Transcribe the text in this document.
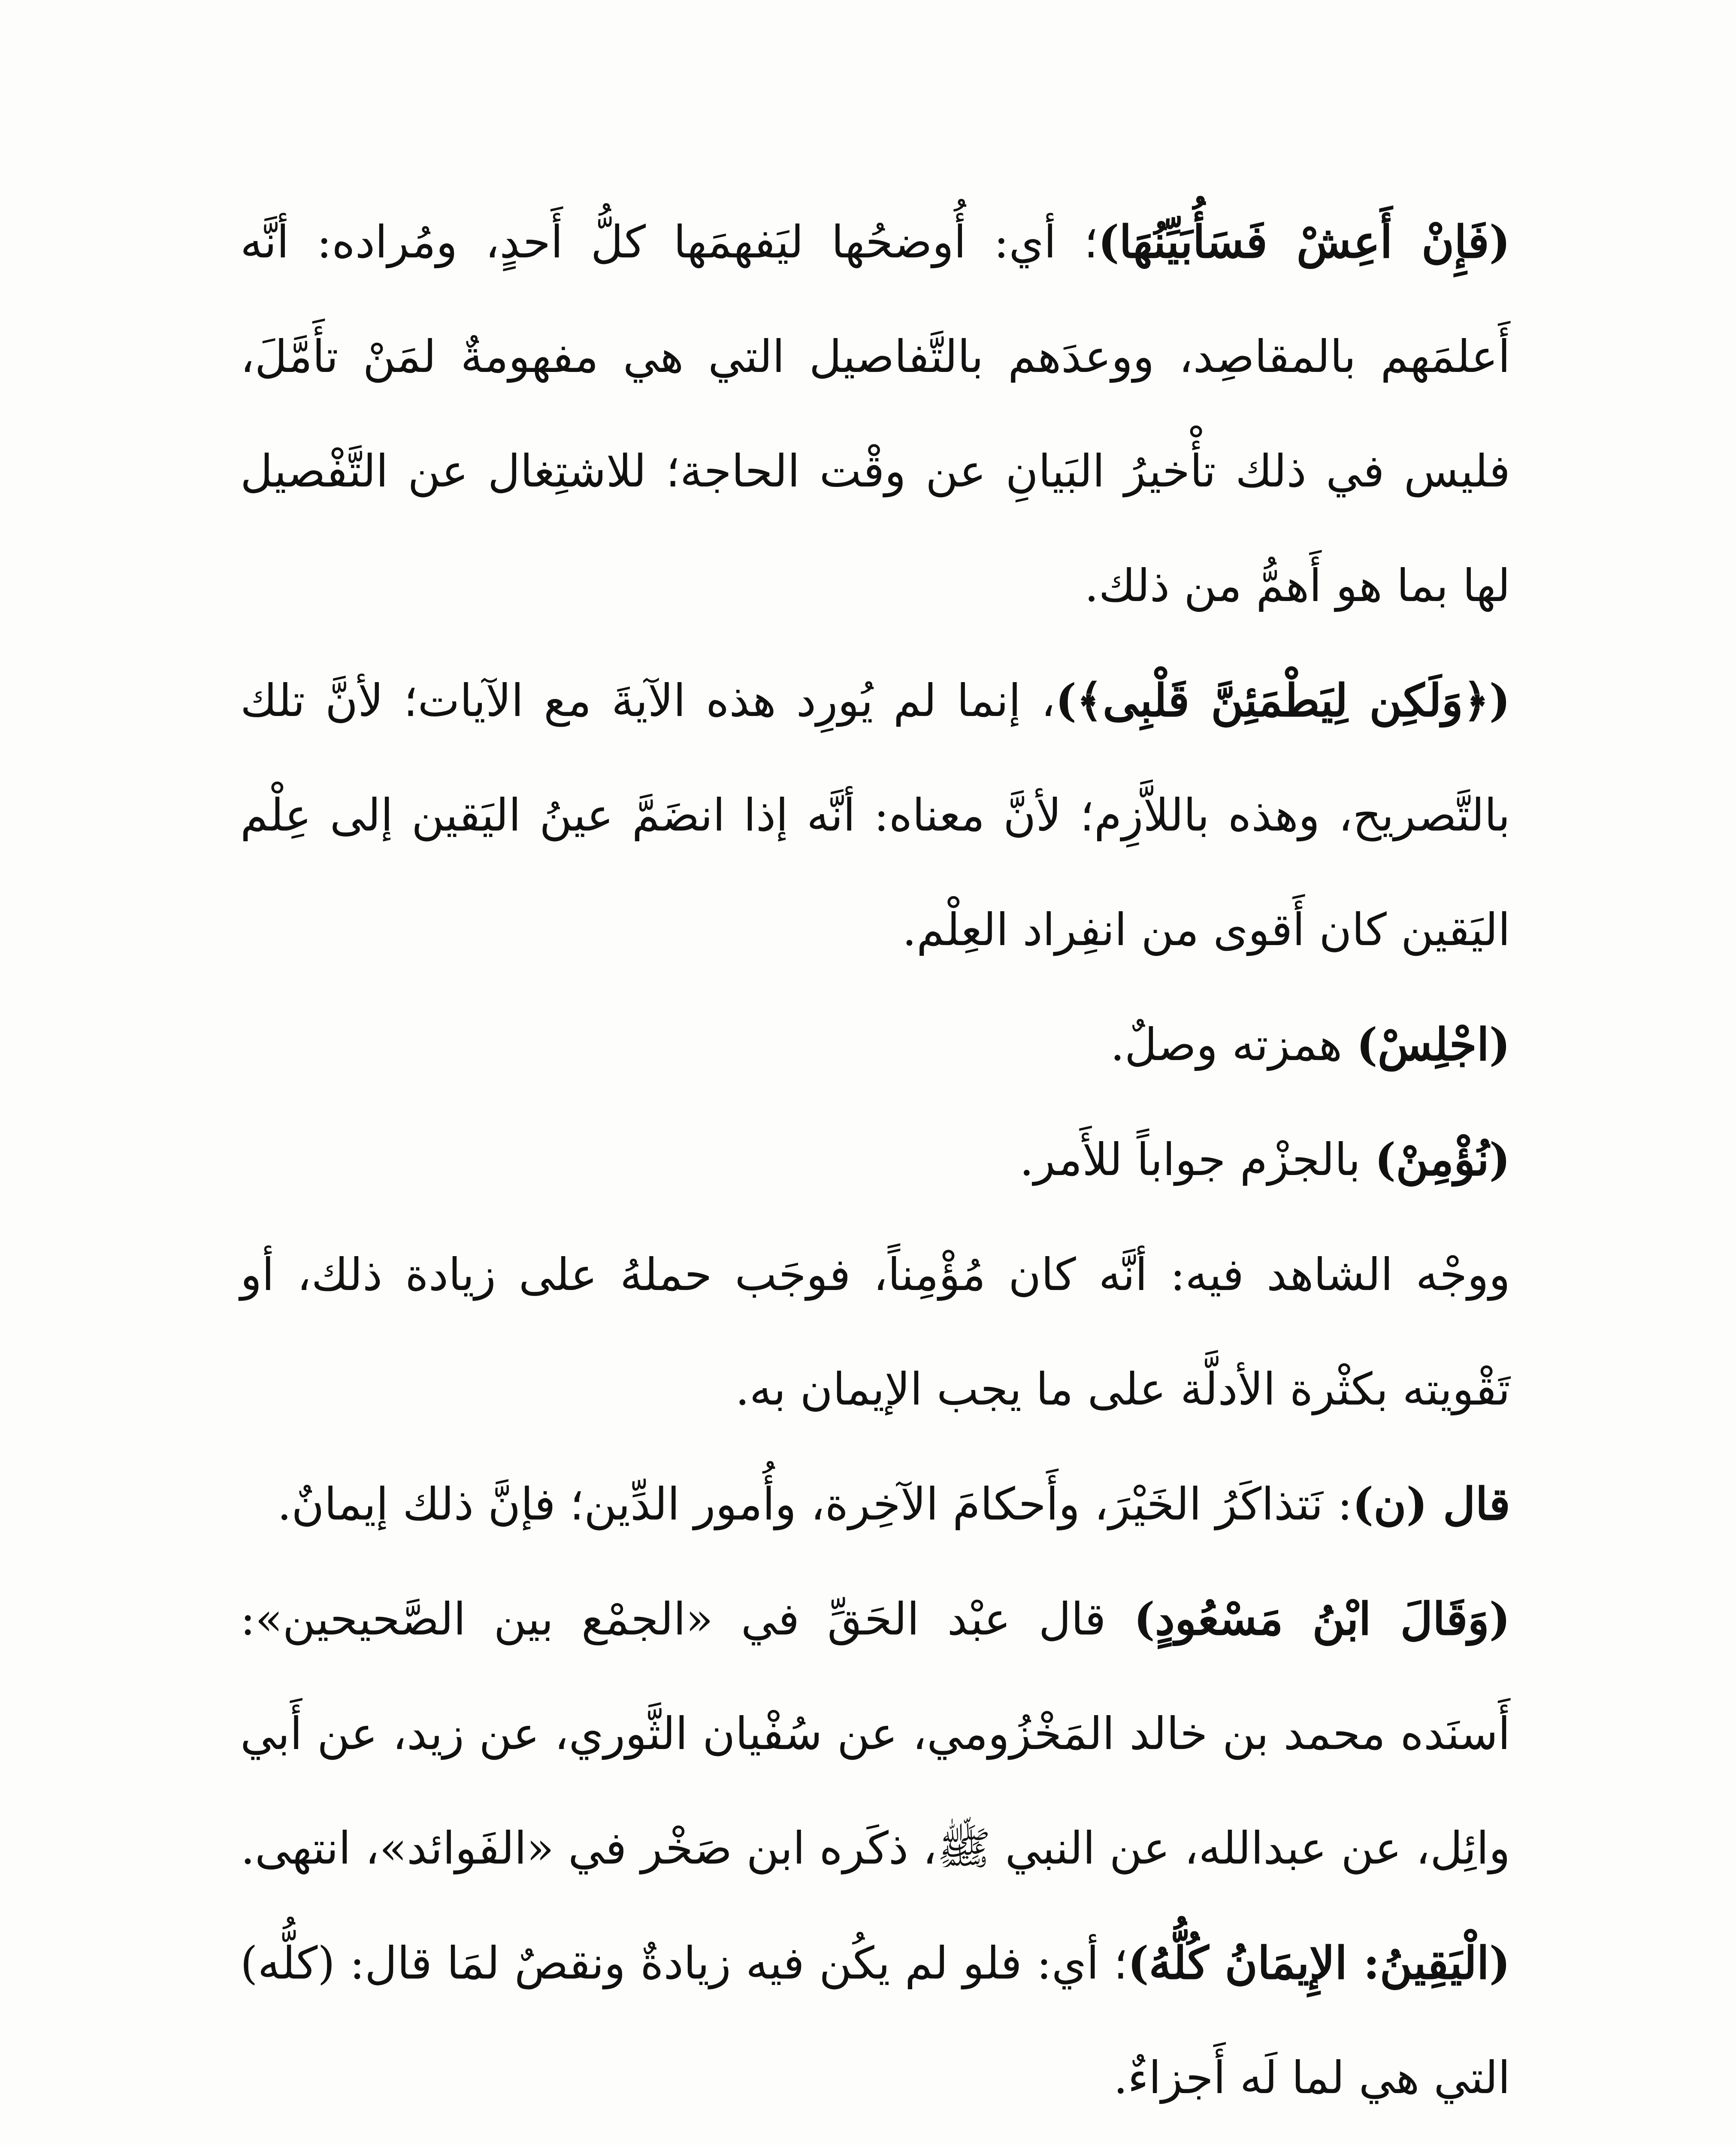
(فَإِنْ أَعِشْ فَسَأُبَيِّنُهَا)؛ أي: أُوضحُها ليَفهمَها كلُّ أَحدٍ، ومُراده: أنَّه أَعلمَهم بالمقاصِد، ووعدَهم بالتَّفاصيل التي هي مفهومةٌ لمَنْ تأَمَّلَ، فليس في ذلك تأْخيرُ البَيانِ عن وقْت الحاجة؛ للاشتِغال عن التَّفْصيل لها بما هو أَهمُّ من ذلك.

(﴿وَلَكِن لِيَطْمَئِنَّ قَلْبِى﴾)، إنما لم يُورِد هذه الآيةَ مع الآيات؛ لأنَّ تلك بالتَّصريح، وهذه باللاَّزِم؛ لأنَّ معناه: أنَّه إذا انضَمَّ عينُ اليَقين إلى عِلْم اليَقين كان أَقوى من انفِراد العِلْم.

(اجْلِسْ) همزته وصلٌ.

(نُؤْمِنْ) بالجزْم جواباً للأَمر.

ووجْه الشاهد فيه: أنَّه كان مُؤْمِناً، فوجَب حملهُ على زيادة ذلك، أو تَقْويته بكثْرة الأدلَّة على ما يجب الإيمان به.

قال (ن): نَتذاكَرُ الخَيْرَ، وأَحكامَ الآخِرة، وأُمور الدِّين؛ فإنَّ ذلك إيمانٌ.

(وَقَالَ ابْنُ مَسْعُودٍ) قال عبْد الحَقِّ في «الجمْع بين الصَّحيحين»: أَسنَده محمد بن خالد المَخْزُومي، عن سُفْيان الثَّوري، عن زيد، عن أَبي وائِل، عن عبدالله، عن النبي ﷺ، ذكَره ابن صَخْر في «الفَوائد»، انتهى.

(الْيَقِينُ: الإِيمَانُ كُلُّهُ)؛ أي: فلو لم يكُن فيه زيادةٌ ونقصٌ لمَا قال: (كلُّه) التي هي لما لَه أَجزاءٌ.
